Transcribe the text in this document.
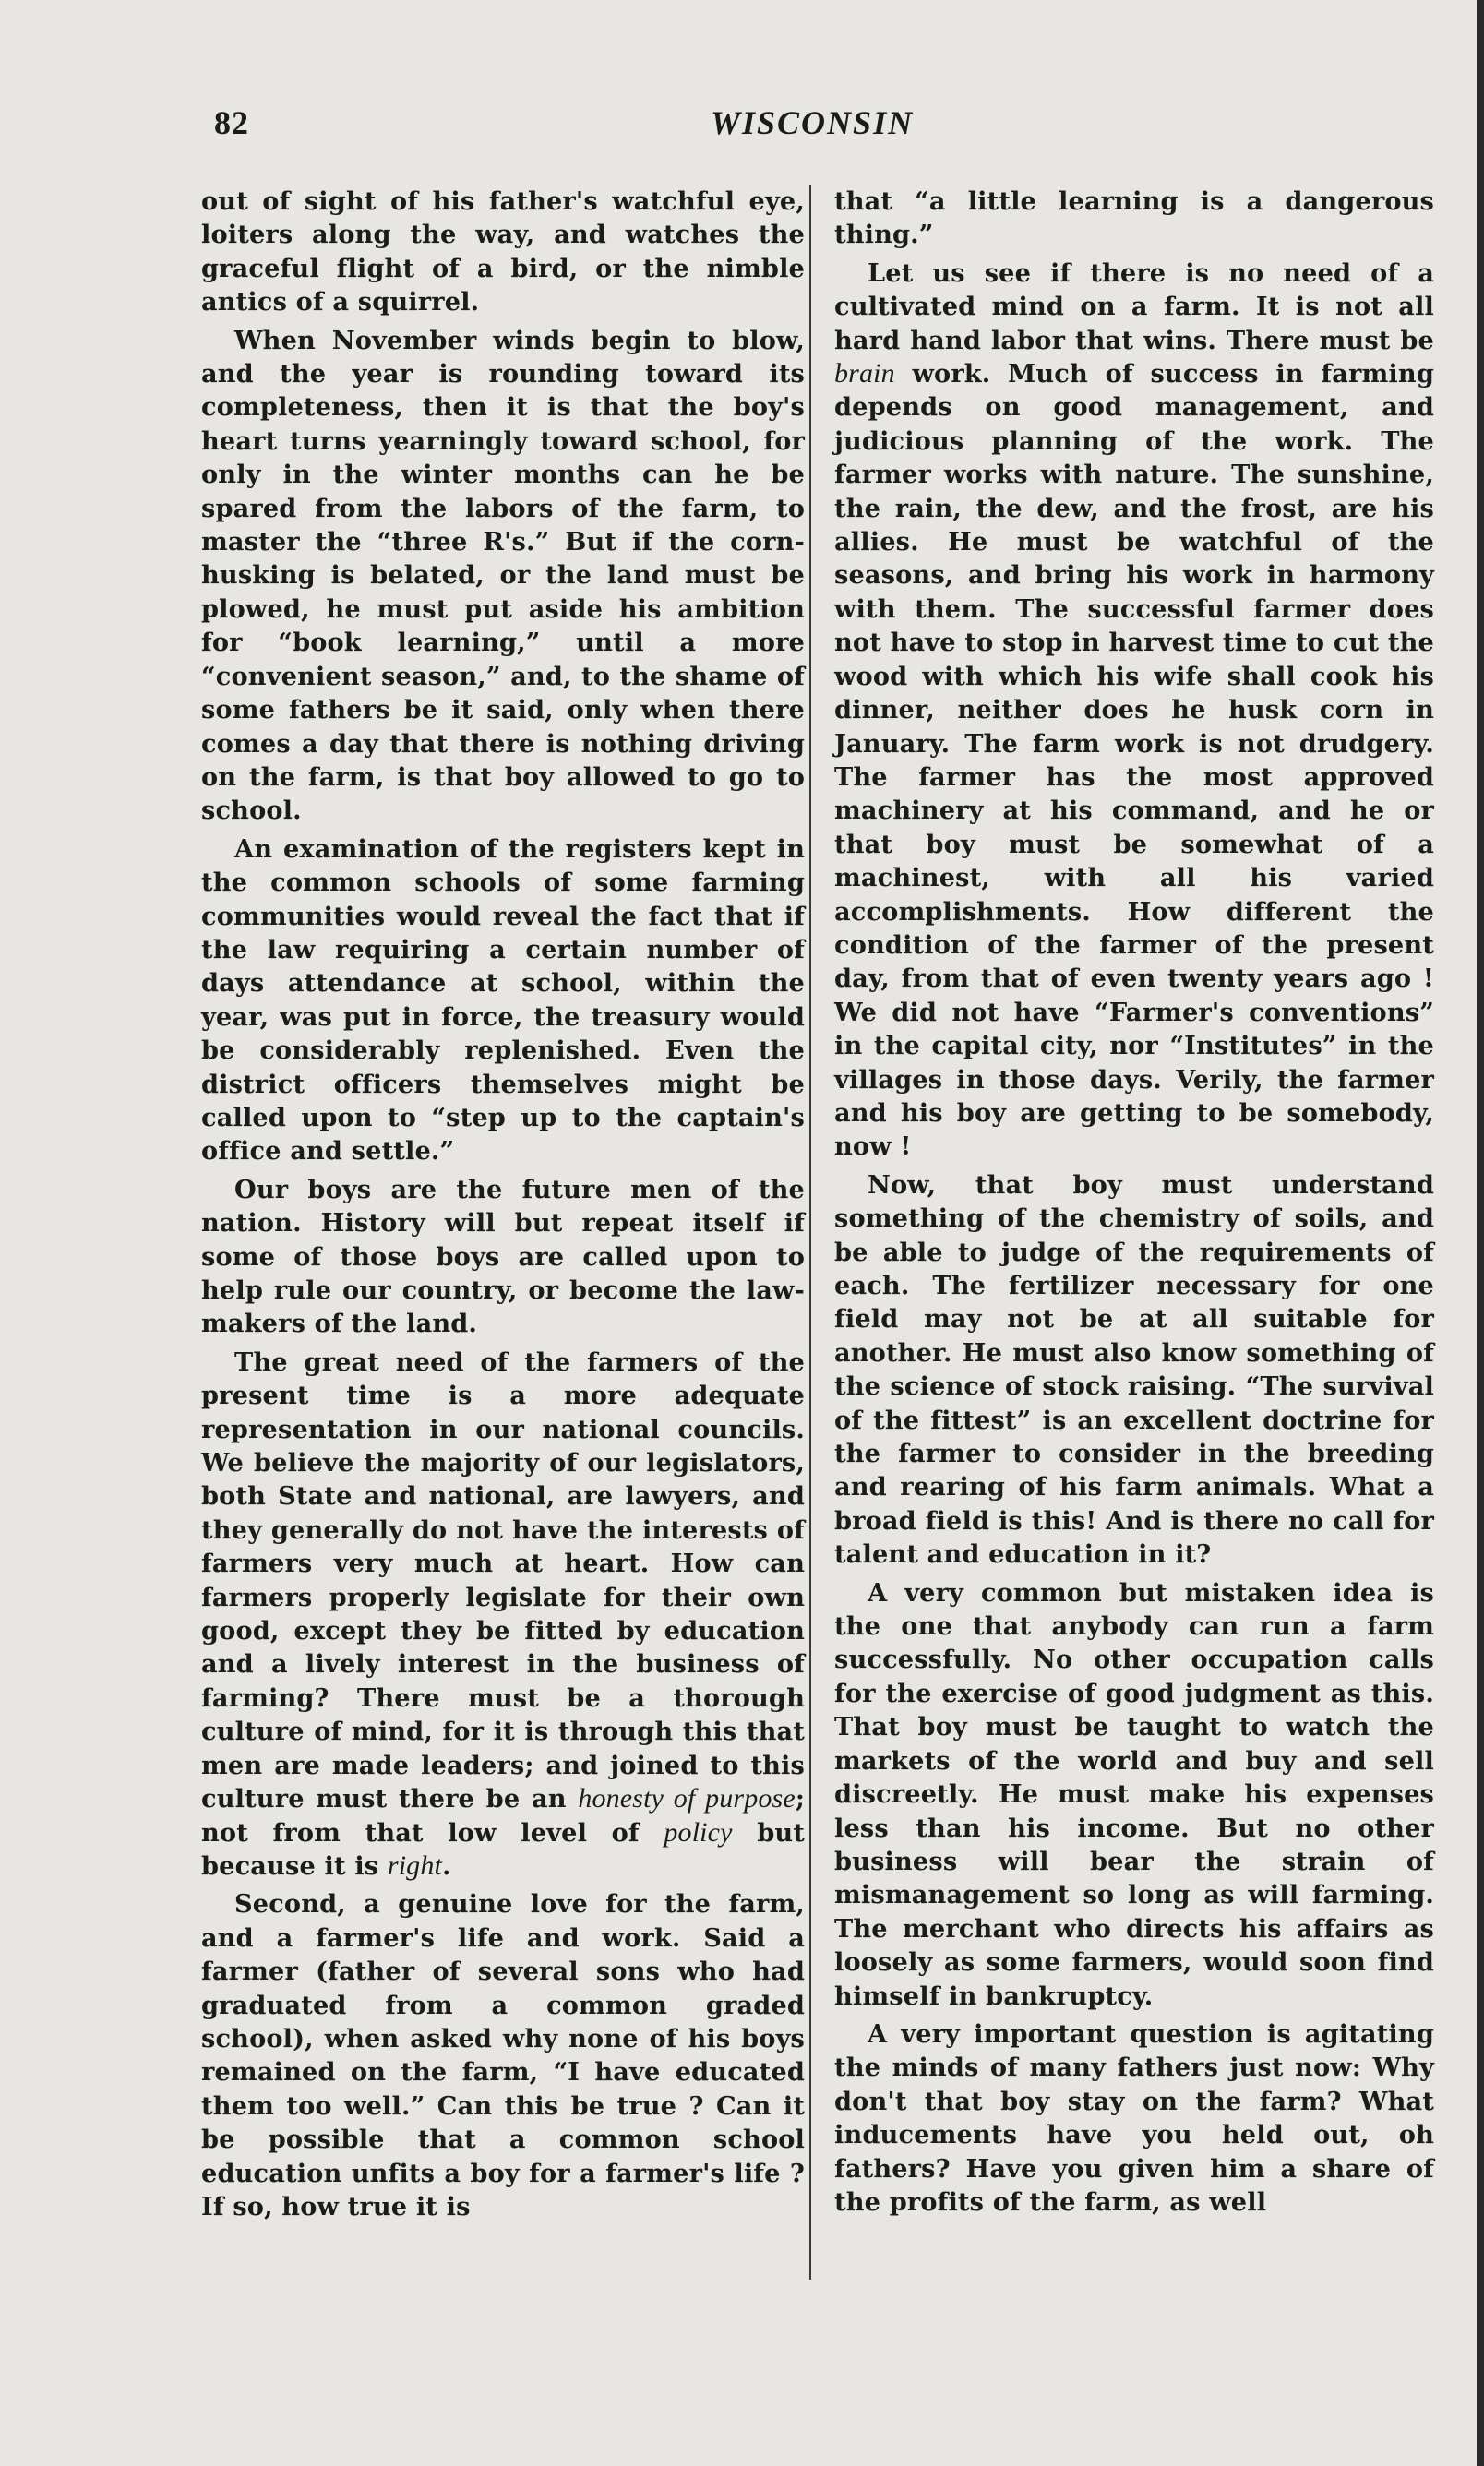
82	WISCONSIN

out of sight of his father's watchful eye, loiters along the way, and watches the graceful flight of a bird, or the nimble antics of a squirrel.

When November winds begin to blow, and the year is rounding toward its completeness, then it is that the boy's heart turns yearningly toward school, for only in the winter months can he be spared from the labors of the farm, to master the “three R's.” But if the corn-husking is belated, or the land must be plowed, he must put aside his ambition for “book learning,” until a more “convenient season,” and, to the shame of some fathers be it said, only when there comes a day that there is nothing driving on the farm, is that boy allowed to go to school.

An examination of the registers kept in the common schools of some farming communities would reveal the fact that if the law requiring a certain number of days attendance at school, within the year, was put in force, the treasury would be considerably replenished. Even the district officers themselves might be called upon to “step up to the captain's office and settle.”

Our boys are the future men of the nation. History will but repeat itself if some of those boys are called upon to help rule our country, or become the law-makers of the land.

The great need of the farmers of the present time is a more adequate representation in our national councils. We believe the majority of our legislators, both State and national, are lawyers, and they generally do not have the interests of farmers very much at heart. How can farmers properly legislate for their own good, except they be fitted by education and a lively interest in the business of farming? There must be a thorough culture of mind, for it is through this that men are made leaders; and joined to this culture must there be an honesty of purpose; not from that low level of policy but because it is right.

Second, a genuine love for the farm, and a farmer's life and work. Said a farmer (father of several sons who had graduated from a common graded school), when asked why none of his boys remained on the farm, “I have educated them too well.” Can this be true ? Can it be possible that a common school education unfits a boy for a farmer's life ? If so, how true it is

that “a little learning is a dangerous thing.”

Let us see if there is no need of a cultivated mind on a farm. It is not all hard hand labor that wins. There must be brain work. Much of success in farming depends on good management, and judicious planning of the work. The farmer works with nature. The sunshine, the rain, the dew, and the frost, are his allies. He must be watchful of the seasons, and bring his work in harmony with them. The successful farmer does not have to stop in harvest time to cut the wood with which his wife shall cook his dinner, neither does he husk corn in January. The farm work is not drudgery. The farmer has the most approved machinery at his command, and he or that boy must be somewhat of a machinest, with all his varied accomplishments. How different the condition of the farmer of the present day, from that of even twenty years ago ! We did not have “Farmer's conventions” in the capital city, nor “Institutes” in the villages in those days. Verily, the farmer and his boy are getting to be somebody, now !

Now, that boy must understand something of the chemistry of soils, and be able to judge of the requirements of each. The fertilizer necessary for one field may not be at all suitable for another. He must also know something of the science of stock raising. “The survival of the fittest” is an excellent doctrine for the farmer to consider in the breeding and rearing of his farm animals. What a broad field is this! And is there no call for talent and education in it?

A very common but mistaken idea is the one that anybody can run a farm successfully. No other occupation calls for the exercise of good judgment as this. That boy must be taught to watch the markets of the world and buy and sell discreetly. He must make his expenses less than his income. But no other business will bear the strain of mismanagement so long as will farming. The merchant who directs his affairs as loosely as some farmers, would soon find himself in bankruptcy.

A very important question is agitating the minds of many fathers just now: Why don't that boy stay on the farm? What inducements have you held out, oh fathers? Have you given him a share of the profits of the farm, as well
